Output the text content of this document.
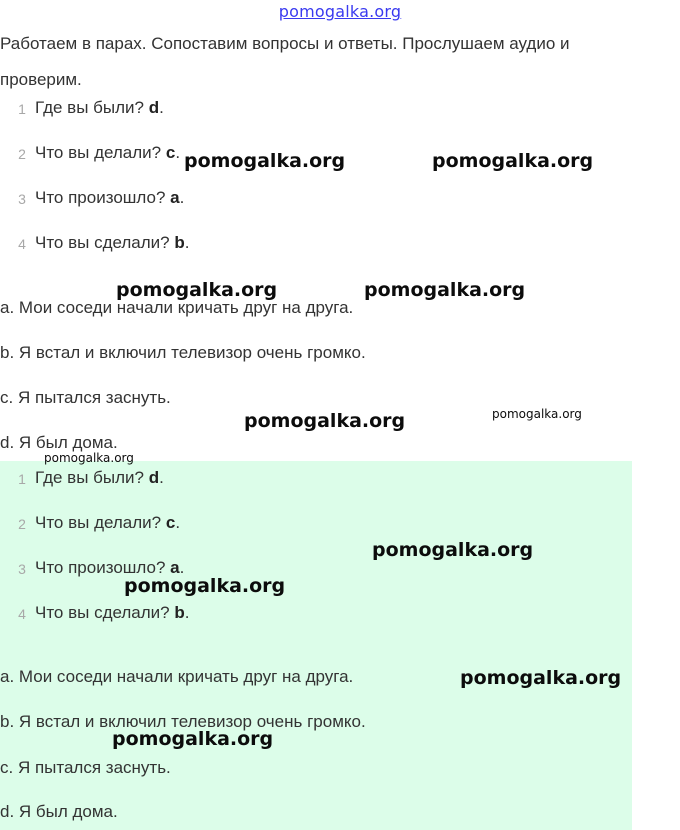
pomogalka.org
Работаем в парах. Сопоставим вопросы и ответы. Прослушаем аудио и проверим.
1 Где вы были? d.
2 Что вы делали? c.
3 Что произошло? a.
4 Что вы сделали? b.
a. Мои соседи начали кричать друг на друга.
b. Я встал и включил телевизор очень громко.
c. Я пытался заснуть.
d. Я был дома.
1 Где вы были? d.
2 Что вы делали? c.
3 Что произошло? a.
4 Что вы сделали? b.
a. Мои соседи начали кричать друг на друга.
b. Я встал и включил телевизор очень громко.
c. Я пытался заснуть.
d. Я был дома.
pomogalka.org	pomogalka.org
pomogalka.org	pomogalka.org
pomogalka.org	pomogalka.org
pomogalka.org
pomogalka.org
pomogalka.org
pomogalka.org
pomogalka.org
